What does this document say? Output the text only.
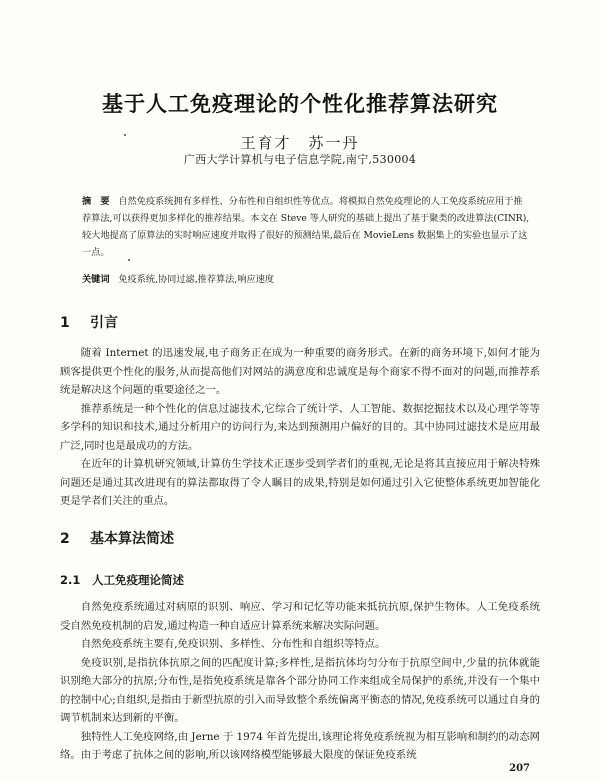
基于人工免疫理论的个性化推荐算法研究
王育才　苏一丹
广西大学计算机与电子信息学院,南宁,530004
摘　要 自然免疫系统拥有多样性、分布性和自组织性等优点。将模拟自然免疫理论的人工免疫系统应用于推荐算法,可以获得更加多样化的推荐结果。本文在 Steve 等人研究的基础上提出了基于聚类的改进算法(CINR),较大地提高了原算法的实时响应速度并取得了很好的预测结果,最后在 MovieLens 数据集上的实验也显示了这一点。
关键词 免疫系统,协同过滤,推荐算法,响应速度
1 引言

随着 Internet 的迅速发展,电子商务正在成为一种重要的商务形式。在新的商务环境下,如何才能为顾客提供更个性化的服务,从而提高他们对网站的满意度和忠诚度是每个商家不得不面对的问题,而推荐系统是解决这个问题的重要途径之一。

推荐系统是一种个性化的信息过滤技术,它综合了统计学、人工智能、数据挖掘技术以及心理学等等多学科的知识和技术,通过分析用户的访问行为,来达到预测用户偏好的目的。其中协同过滤技术是应用最广泛,同时也是最成功的方法。

在近年的计算机研究领域,计算仿生学技术正逐步受到学者们的重视,无论是将其直接应用于解决特殊问题还是通过其改进现有的算法都取得了令人瞩目的成果,特别是如何通过引入它使整体系统更加智能化更是学者们关注的重点。

2 基本算法简述
2.1 人工免疫理论简述

自然免疫系统通过对病原的识别、响应、学习和记忆等功能来抵抗抗原,保护生物体。人工免疫系统受自然免疫机制的启发,通过构造一种自适应计算系统来解决实际问题。

自然免疫系统主要有,免疫识别、多样性、分布性和自组织等特点。

免疫识别,是指抗体抗原之间的匹配度计算;多样性,是指抗体均匀分布于抗原空间中,少量的抗体就能识别绝大部分的抗原;分布性,是指免疫系统是靠各个部分协同工作来组成全局保护的系统,并没有一个集中的控制中心;自组织,是指由于新型抗原的引入而导致整个系统偏离平衡态的情况,免疫系统可以通过自身的调节机制来达到新的平衡。

独特性人工免疫网络,由 Jerne 于 1974 年首先提出,该理论将免疫系统视为相互影响和制约的动态网络。由于考虑了抗体之间的影响,所以该网络模型能够最大限度的保证免疫系统

207
